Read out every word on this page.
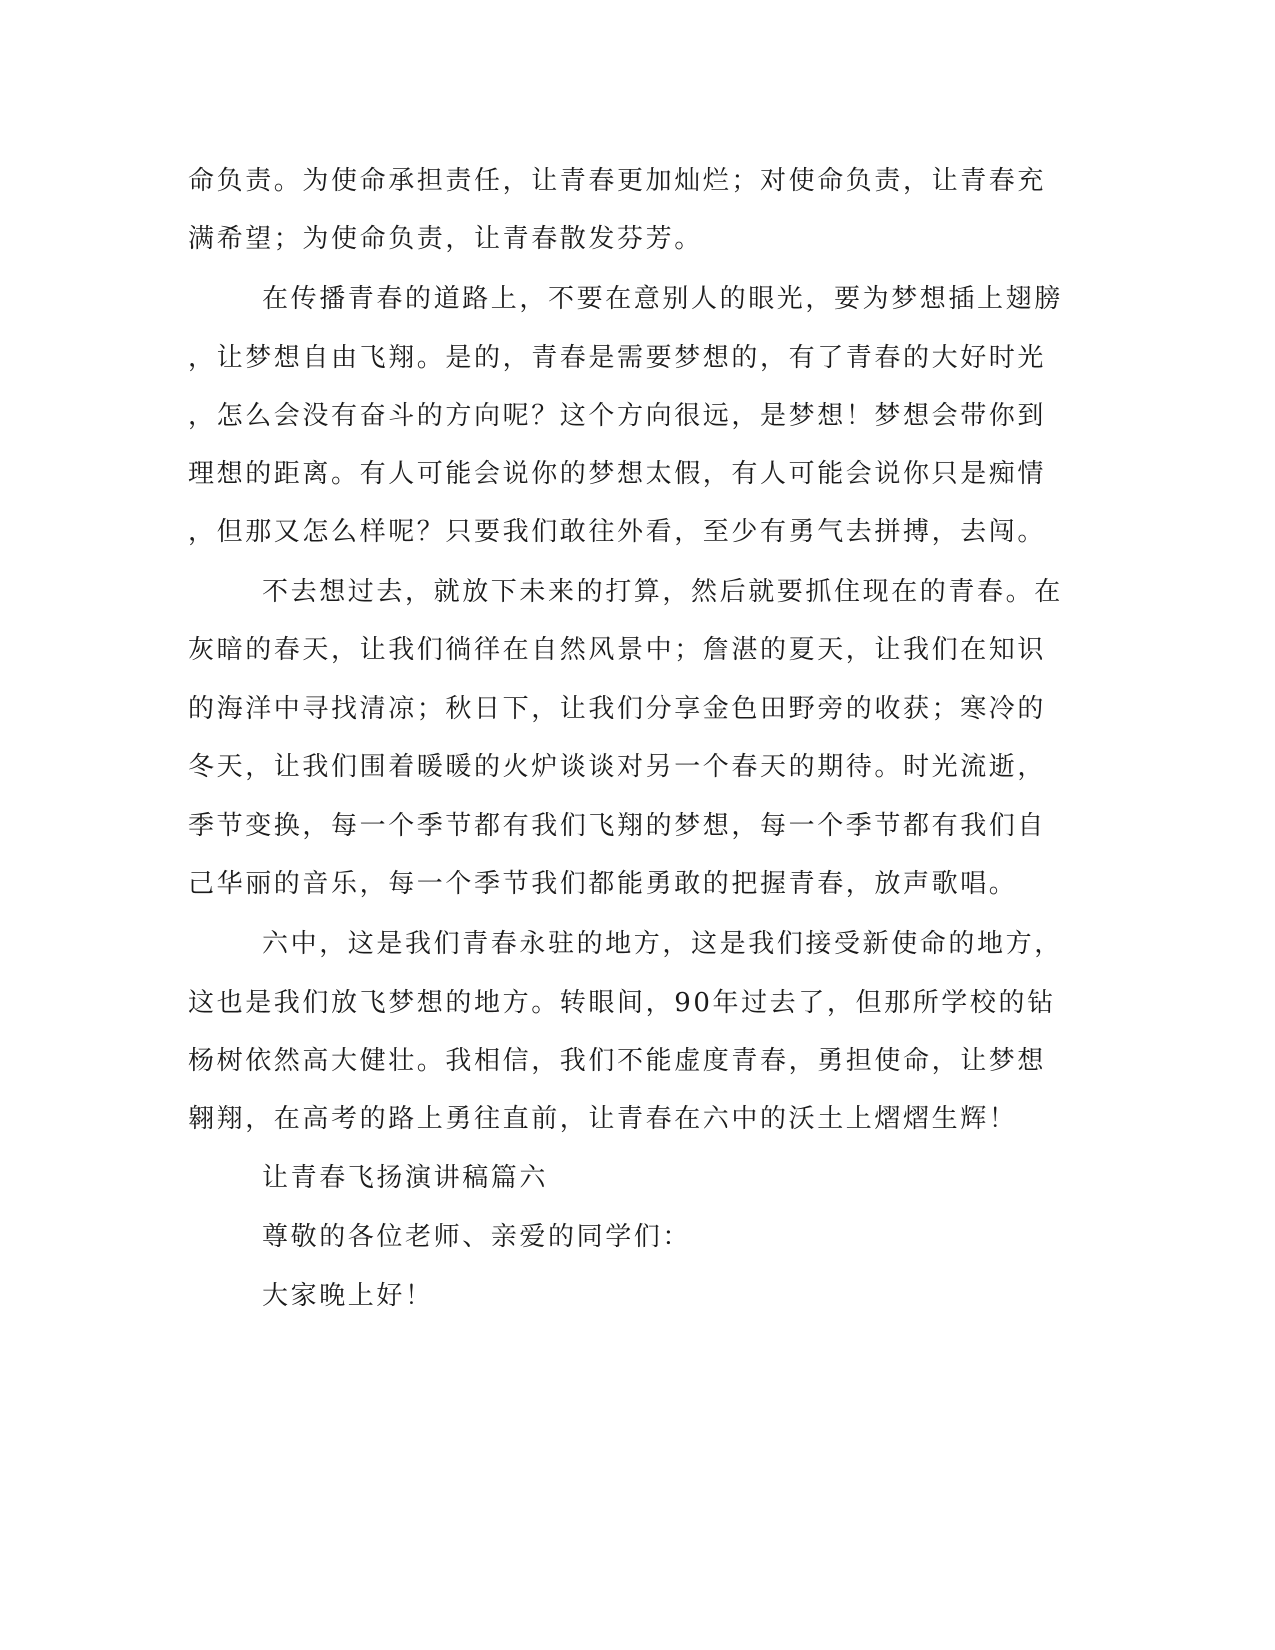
命负责。为使命承担责任，让青春更加灿烂；对使命负责，让青春充

满希望；为使命负责，让青春散发芬芳。

在传播青春的道路上，不要在意别人的眼光，要为梦想插上翅膀

，让梦想自由飞翔。是的，青春是需要梦想的，有了青春的大好时光

，怎么会没有奋斗的方向呢？这个方向很远，是梦想！梦想会带你到

理想的距离。有人可能会说你的梦想太假，有人可能会说你只是痴情

，但那又怎么样呢？只要我们敢往外看，至少有勇气去拼搏，去闯。

不去想过去，就放下未来的打算，然后就要抓住现在的青春。在

灰暗的春天，让我们徜徉在自然风景中；詹湛的夏天，让我们在知识

的海洋中寻找清凉；秋日下，让我们分享金色田野旁的收获；寒冷的

冬天，让我们围着暖暖的火炉谈谈对另一个春天的期待。时光流逝，

季节变换，每一个季节都有我们飞翔的梦想，每一个季节都有我们自

己华丽的音乐，每一个季节我们都能勇敢的把握青春，放声歌唱。

六中，这是我们青春永驻的地方，这是我们接受新使命的地方，

这也是我们放飞梦想的地方。转眼间，90年过去了，但那所学校的钻

杨树依然高大健壮。我相信，我们不能虚度青春，勇担使命，让梦想

翱翔，在高考的路上勇往直前，让青春在六中的沃土上熠熠生辉！

让青春飞扬演讲稿篇六

尊敬的各位老师、亲爱的同学们：

大家晚上好！
